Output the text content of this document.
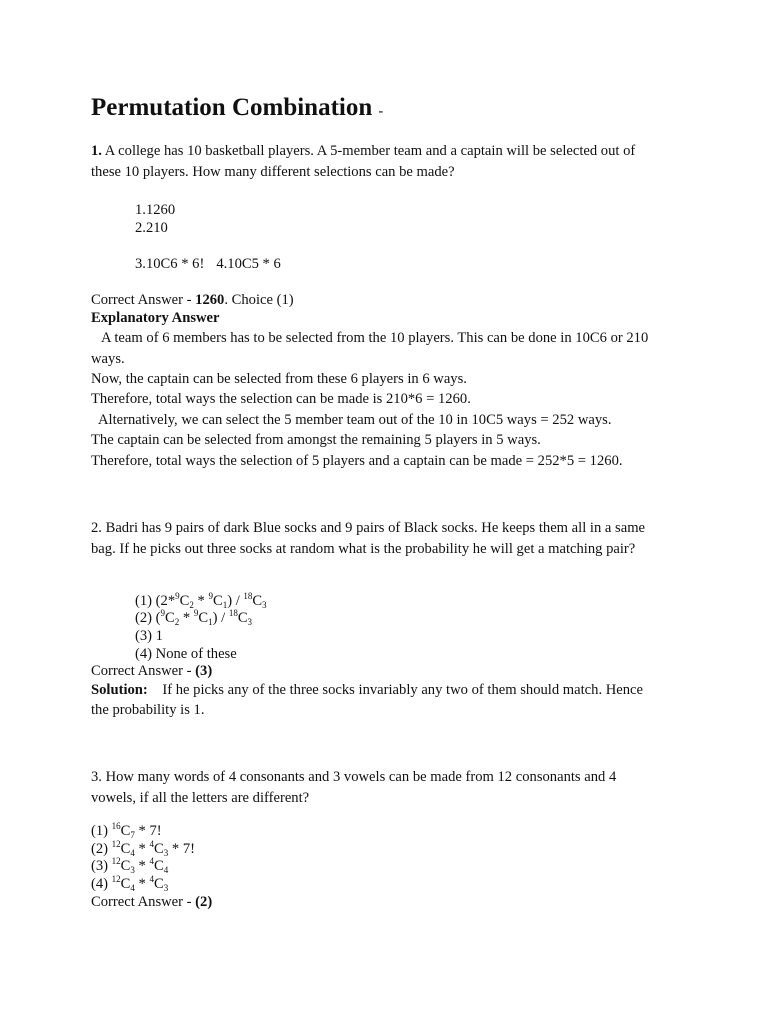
Permutation Combination -
1. A college has 10 basketball players. A 5-member team and a captain will be selected out of
these 10 players. How many different selections can be made?
1.1260
2.210
3.10C6 * 6! 4.10C5 * 6
Correct Answer - 1260. Choice (1)
Explanatory Answer
A team of 6 members has to be selected from the 10 players. This can be done in 10C6 or 210
ways.
Now, the captain can be selected from these 6 players in 6 ways.
Therefore, total ways the selection can be made is 210*6 = 1260.
Alternatively, we can select the 5 member team out of the 10 in 10C5 ways = 252 ways.
The captain can be selected from amongst the remaining 5 players in 5 ways.
Therefore, total ways the selection of 5 players and a captain can be made = 252*5 = 1260.
2. Badri has 9 pairs of dark Blue socks and 9 pairs of Black socks. He keeps them all in a same
bag. If he picks out three socks at random what is the probability he will get a matching pair?
(1) $(2*^9C_2 * ^9C_1) / ^{18}C_3$
(2) $(^9C_2 * ^9C_1) / ^{18}C_3$
(3) 1
(4) None of these
Correct Answer - (3)
Solution: If he picks any of the three socks invariably any two of them should match. Hence
the probability is 1.
3. How many words of 4 consonants and 3 vowels can be made from 12 consonants and 4
vowels, if all the letters are different?
(1) $^{16}C_7 * 7$!
(2) $^{12}C_4 * ^4C_3 * 7$!
(3) $^{12}C_3 * ^4C_4$
(4) $^{12}C_4 * ^4C_3$
Correct Answer - (2)
